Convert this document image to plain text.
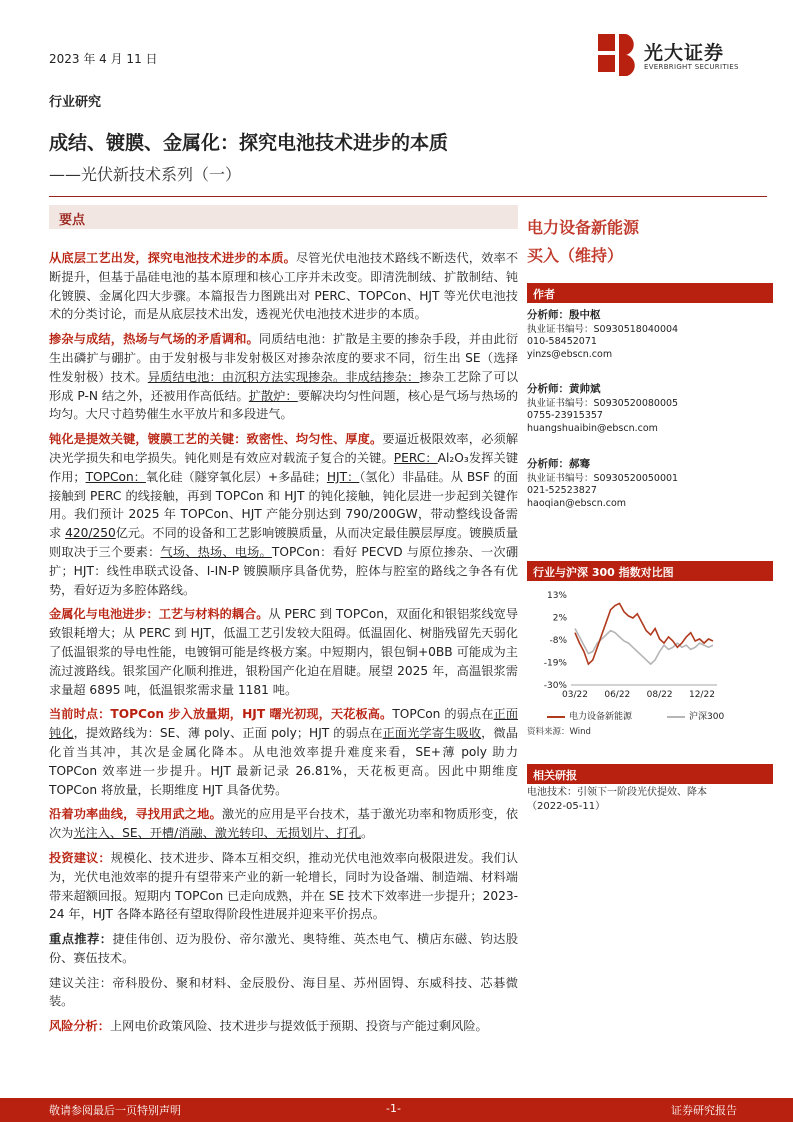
2023 年 4 月 11 日
行业研究
成结、镀膜、金属化：探究电池技术进步的本质
——光伏新技术系列（一）
光大证券
EVERBRIGHT SECURITIES
要点

从底层工艺出发，探究电池技术进步的本质。尽管光伏电池技术路线不断迭代，效率不断提升，但基于晶硅电池的基本原理和核心工序并未改变。即清洗制绒、扩散制结、钝化镀膜、金属化四大步骤。本篇报告力图跳出对 PERC、TOPCon、HJT 等光伏电池技术的分类讨论，而是从底层技术出发，透视光伏电池技术进步的本质。

掺杂与成结，热场与气场的矛盾调和。同质结电池：扩散是主要的掺杂手段，并由此衍生出磷扩与硼扩。由于发射极与非发射极区对掺杂浓度的要求不同，衍生出 SE（选择性发射极）技术。异质结电池：由沉积方法实现掺杂。非成结掺杂：掺杂工艺除了可以形成 P-N 结之外，还被用作高低结。扩散炉：要解决均匀性问题，核心是气场与热场的均匀。大尺寸趋势催生水平放片和多段进气。

钝化是提效关键，镀膜工艺的关键：致密性、均匀性、厚度。要逼近极限效率，必须解决光学损失和电学损失。钝化则是有效应对载流子复合的关键。PERC：Al₂O₃发挥关键作用；TOPCon：氧化硅（隧穿氧化层）+多晶硅；HJT：（氢化）非晶硅。从 BSF 的面接触到 PERC 的线接触，再到 TOPCon 和 HJT 的钝化接触，钝化层进一步起到关键作用。我们预计 2025 年 TOPCon、HJT 产能分别达到 790/200GW，带动整线设备需求 420/250亿元。不同的设备和工艺影响镀膜质量，从而决定最佳膜层厚度。镀膜质量则取决于三个要素：气场、热场、电场。TOPCon：看好 PECVD 与原位掺杂、一次硼扩；HJT：线性串联式设备、I-IN-P 镀膜顺序具备优势，腔体与腔室的路线之争各有优势，看好迈为多腔体路线。

金属化与电池进步：工艺与材料的耦合。从 PERC 到 TOPCon，双面化和银铝浆线宽导致银耗增大；从 PERC 到 HJT，低温工艺引发较大阻碍。低温固化、树脂残留先天弱化了低温银浆的导电性能，电镀铜可能是终极方案。中短期内，银包铜+0BB 可能成为主流过渡路线。银浆国产化顺利推进，银粉国产化迫在眉睫。展望 2025 年，高温银浆需求量超 6895 吨，低温银浆需求量 1181 吨。

当前时点：TOPCon 步入放量期，HJT 曙光初现，天花板高。TOPCon 的弱点在正面钝化，提效路线为：SE、薄 poly、正面 poly；HJT 的弱点在正面光学寄生吸收，微晶化首当其冲，其次是金属化降本。从电池效率提升难度来看，SE+薄 poly 助力 TOPCon 效率进一步提升。HJT 最新记录 26.81%，天花板更高。因此中期维度 TOPCon 将放量，长期维度 HJT 具备优势。

沿着功率曲线，寻找用武之地。激光的应用是平台技术，基于激光功率和物质形变，依次为光注入、SE、开槽/消融、激光转印、无损划片、打孔。

投资建议：规模化、技术进步、降本互相交织，推动光伏电池效率向极限进发。我们认为，光伏电池效率的提升有望带来产业的新一轮增长，同时为设备端、制造端、材料端带来超额回报。短期内 TOPCon 已走向成熟，并在 SE 技术下效率进一步提升；2023-24 年，HJT 各降本路径有望取得阶段性进展并迎来平价拐点。

重点推荐：捷佳伟创、迈为股份、帝尔激光、奥特维、英杰电气、横店东磁、钧达股份、赛伍技术。

建议关注：帝科股份、聚和材料、金辰股份、海目星、苏州固锝、东威科技、芯碁微装。

风险分析：上网电价政策风险、技术进步与提效低于预期、投资与产能过剩风险。

电力设备新能源
买入（维持）
作者
分析师：殷中枢
执业证书编号：S0930518040004
010-58452071
yinzs@ebscn.com
分析师：黄帅斌
执业证书编号：S0930520080005
0755-23915357
huangshuaibin@ebscn.com
分析师：郝骞
执业证书编号：S0930520050001
021-52523827
haoqian@ebscn.com
行业与沪深 300 指数对比图
13%
2%
-8%
-19%
-30%
03/22 06/22 08/22 12/22
电力设备新能源	沪深300
资料来源：Wind
相关研报
电池技术：引领下一阶段光伏提效、降本
（2022-05-11）
敬请参阅最后一页特别声明	-1-	证券研究报告
